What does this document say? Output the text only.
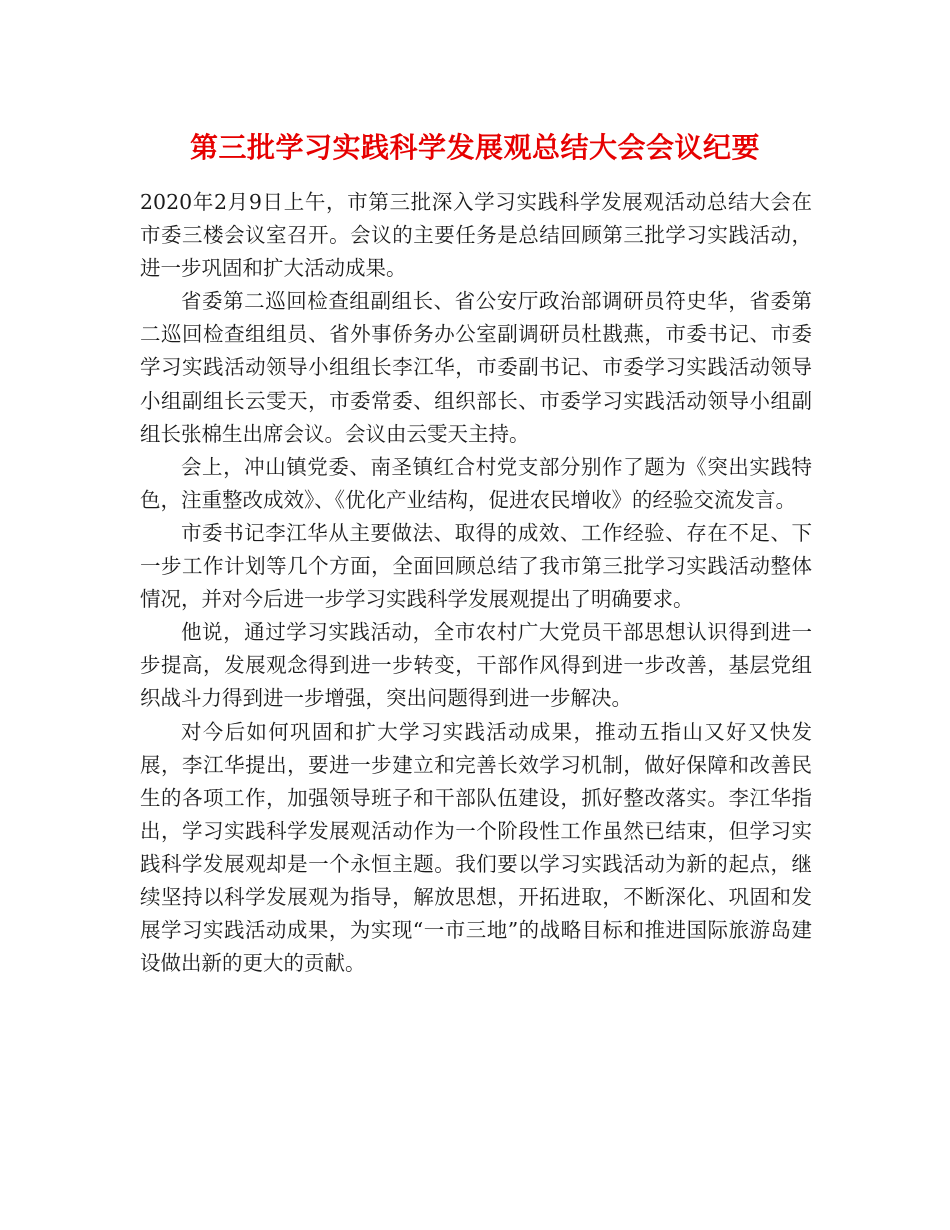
第三批学习实践科学发展观总结大会会议纪要

2020年2月9日上午，市第三批深入学习实践科学发展观活动总结大会在市委三楼会议室召开。会议的主要任务是总结回顾第三批学习实践活动，进一步巩固和扩大活动成果。

省委第二巡回检查组副组长、省公安厅政治部调研员符史华，省委第二巡回检查组组员、省外事侨务办公室副调研员杜戡燕，市委书记、市委学习实践活动领导小组组长李江华，市委副书记、市委学习实践活动领导小组副组长云雯天，市委常委、组织部长、市委学习实践活动领导小组副组长张棉生出席会议。会议由云雯天主持。

会上，冲山镇党委、南圣镇红合村党支部分别作了题为《突出实践特色，注重整改成效》、《优化产业结构，促进农民增收》的经验交流发言。

市委书记李江华从主要做法、取得的成效、工作经验、存在不足、下一步工作计划等几个方面，全面回顾总结了我市第三批学习实践活动整体情况，并对今后进一步学习实践科学发展观提出了明确要求。

他说，通过学习实践活动，全市农村广大党员干部思想认识得到进一步提高，发展观念得到进一步转变，干部作风得到进一步改善，基层党组织战斗力得到进一步增强，突出问题得到进一步解决。

对今后如何巩固和扩大学习实践活动成果，推动五指山又好又快发展，李江华提出，要进一步建立和完善长效学习机制，做好保障和改善民生的各项工作，加强领导班子和干部队伍建设，抓好整改落实。李江华指出，学习实践科学发展观活动作为一个阶段性工作虽然已结束，但学习实践科学发展观却是一个永恒主题。我们要以学习实践活动为新的起点，继续坚持以科学发展观为指导，解放思想，开拓进取，不断深化、巩固和发展学习实践活动成果，为实现“一市三地”的战略目标和推进国际旅游岛建设做出新的更大的贡献。
